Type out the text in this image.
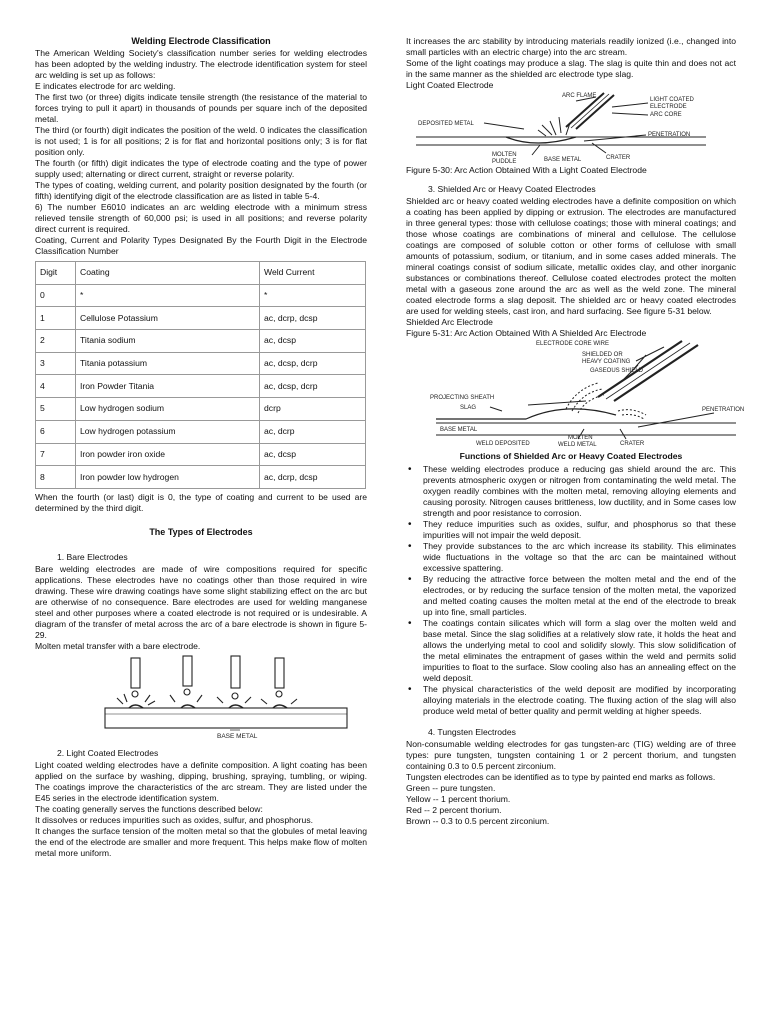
Welding Electrode Classification

The American Welding Society's classification number series for welding electrodes has been adopted by the welding industry. The electrode identification system for steel arc welding is set up as follows:

E indicates electrode for arc welding.

The first two (or three) digits indicate tensile strength (the resistance of the material to forces trying to pull it apart) in thousands of pounds per square inch of the deposited metal.

The third (or fourth) digit indicates the position of the weld. 0 indicates the classification is not used; 1 is for all positions; 2 is for flat and horizontal positions only; 3 is for flat position only.

The fourth (or fifth) digit indicates the type of electrode coating and the type of power supply used; alternating or direct current, straight or reverse polarity.

The types of coating, welding current, and polarity position designated by the fourth (or fifth) identifying digit of the electrode classification are as listed in table 5-4.

6) The number E6010 indicates an arc welding electrode with a minimum stress relieved tensile strength of 60,000 psi; is used in all positions; and reverse polarity direct current is required.

Coating, Current and Polarity Types Designated By the Fourth Digit in the Electrode Classification Number

Digit	Coating	Weld Current
0	*	*
1	Cellulose Potassium	ac, dcrp, dcsp
2	Titania sodium	ac, dcsp
3	Titania potassium	ac, dcsp, dcrp
4	Iron Powder Titania	ac, dcsp, dcrp
5	Low hydrogen sodium	dcrp
6	Low hydrogen potassium	ac, dcrp
7	Iron powder iron oxide	ac, dcsp
8	Iron powder low hydrogen	ac, dcrp, dcsp

When the fourth (or last) digit is 0, the type of coating and current to be used are determined by the third digit.

The Types of Electrodes
1. Bare Electrodes

Bare welding electrodes are made of wire compositions required for specific applications. These electrodes have no coatings other than those required in wire drawing. These wire drawing coatings have some slight stabilizing effect on the arc but are otherwise of no consequence. Bare electrodes are used for welding manganese steel and other purposes where a coated electrode is not required or is undesirable. A diagram of the transfer of metal across the arc of a bare electrode is shown in figure 5-29.

Molten metal transfer with a bare electrode.

BASE METAL
2. Light Coated Electrodes

Light coated welding electrodes have a definite composition. A light coating has been applied on the surface by washing, dipping, brushing, spraying, tumbling, or wiping. The coatings improve the characteristics of the arc stream. They are listed under the E45 series in the electrode identification system.

The coating generally serves the functions described below:

It dissolves or reduces impurities such as oxides, sulfur, and phosphorus.

It changes the surface tension of the molten metal so that the globules of metal leaving the end of the electrode are smaller and more frequent. This helps make flow of molten metal more uniform.

It increases the arc stability by introducing materials readily ionized (i.e., changed into small particles with an electric charge) into the arc stream.

Some of the light coatings may produce a slag. The slag is quite thin and does not act in the same manner as the shielded arc electrode type slag.

Light Coated Electrode

ARC FLAME
LIGHT COATED
ELECTRODE
ARC CORE
DEPOSITED METAL
PENETRATION
MOLTEN
PUDDLE	BASE METAL	CRATER

Figure 5-30: Arc Action Obtained With a Light Coated Electrode

3. Shielded Arc or Heavy Coated Electrodes

Shielded arc or heavy coated welding electrodes have a definite composition on which a coating has been applied by dipping or extrusion. The electrodes are manufactured in three general types: those with cellulose coatings; those with mineral coatings; and those whose coatings are combinations of mineral and cellulose. The cellulose coatings are composed of soluble cotton or other forms of cellulose with small amounts of potassium, sodium, or titanium, and in some cases added minerals. The mineral coatings consist of sodium silicate, metallic oxides clay, and other inorganic substances or combinations thereof. Cellulose coated electrodes protect the molten metal with a gaseous zone around the arc as well as the weld zone. The mineral coated electrode forms a slag deposit. The shielded arc or heavy coated electrodes are used for welding steels, cast iron, and hard surfacing. See figure 5-31 below.

Shielded Arc Electrode

Figure 5-31: Arc Action Obtained With A Shielded Arc Electrode

ELECTRODE CORE WIRE
SHIELDED OR
HEAVY COATING
GASEOUS SHIELD
PROJECTING SHEATH
SLAG	PENETRATION
BASE METAL
WELD DEPOSITED
MOLTEN
WELD METAL	CRATER
Functions of Shielded Arc or Heavy Coated Electrodes
• These welding electrodes produce a reducing gas shield around the arc. This prevents atmospheric oxygen or nitrogen from contaminating the weld metal. The oxygen readily combines with the molten metal, removing alloying elements and causing porosity. Nitrogen causes brittleness, low ductility, and in Some cases low strength and poor resistance to corrosion.
• They reduce impurities such as oxides, sulfur, and phosphorus so that these impurities will not impair the weld deposit.
• They provide substances to the arc which increase its stability. This eliminates wide fluctuations in the voltage so that the arc can be maintained without excessive spattering.
• By reducing the attractive force between the molten metal and the end of the electrodes, or by reducing the surface tension of the molten metal, the vaporized and melted coating causes the molten metal at the end of the electrode to break up into fine, small particles.
• The coatings contain silicates which will form a slag over the molten weld and base metal. Since the slag solidifies at a relatively slow rate, it holds the heat and allows the underlying metal to cool and solidify slowly. This slow solidification of the metal eliminates the entrapment of gases within the weld and permits solid impurities to float to the surface. Slow cooling also has an annealing effect on the weld deposit.
• The physical characteristics of the weld deposit are modified by incorporating alloying materials in the electrode coating. The fluxing action of the slag will also produce weld metal of better quality and permit welding at higher speeds.
4. Tungsten Electrodes

Non-consumable welding electrodes for gas tungsten-arc (TIG) welding are of three types: pure tungsten, tungsten containing 1 or 2 percent thorium, and tungsten containing 0.3 to 0.5 percent zirconium.

Tungsten electrodes can be identified as to type by painted end marks as follows.

Green -- pure tungsten.

Yellow -- 1 percent thorium.

Red -- 2 percent thorium.

Brown -- 0.3 to 0.5 percent zirconium.
